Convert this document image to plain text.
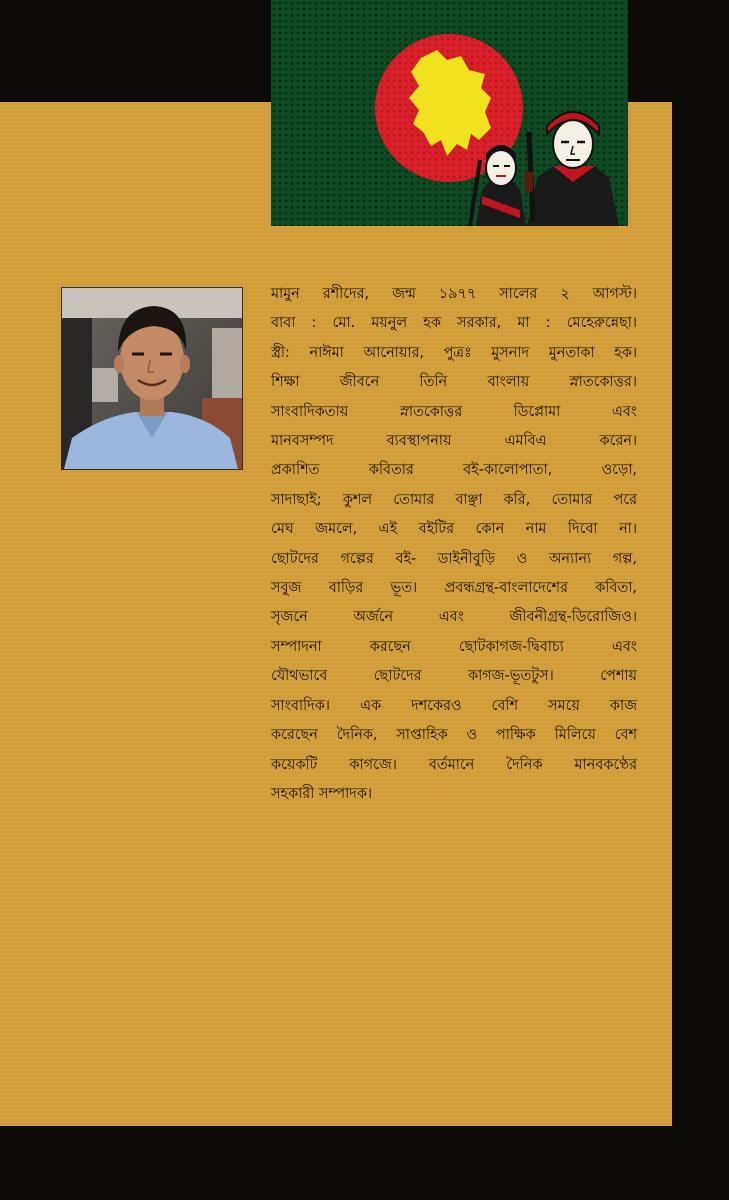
মামুন রশীদের, জন্ম ১৯৭৭ সালের ২ আগস্ট।
বাবা : মো. ময়নুল হক সরকার, মা : মেহেরুন্নেছা।
স্ত্রী: নাঈমা আনোয়ার, পুত্রঃ মুসনাদ মুনতাকা হক।
শিক্ষা জীবনে তিনি বাংলায় স্নাতকোত্তর।
সাংবাদিকতায় স্নাতকোত্তর ডিপ্লোমা এবং
মানবসম্পদ ব্যবস্থাপনায় এমবিএ করেন।
প্রকাশিত কবিতার বই-কালোপাতা, ওড়ো,
সাদাছাই; কুশল তোমার বাঞ্ছা করি, তোমার পরে
মেঘ জমলে, এই বইটির কোন নাম দিবো না।
ছোটদের গল্পের বই- ডাইনীবুড়ি ও অন্যান্য গল্প,
সবুজ বাড়ির ভূত। প্রবন্ধগ্রন্থ-বাংলাদেশের কবিতা,
সৃজনে অর্জনে এবং জীবনীগ্রন্থ-ডিরোজিও।
সম্পাদনা করছেন ছোটকাগজ-দ্বিবাচ্য এবং
যৌথভাবে ছোটদের কাগজ-ভূতটুস। পেশায়
সাংবাদিক। এক দশকেরও বেশি সময়ে কাজ
করেছেন দৈনিক, সাপ্তাহিক ও পাক্ষিক মিলিয়ে বেশ
কয়েকটি কাগজে। বর্তমানে দৈনিক মানবকণ্ঠের
সহকারী সম্পাদক।
